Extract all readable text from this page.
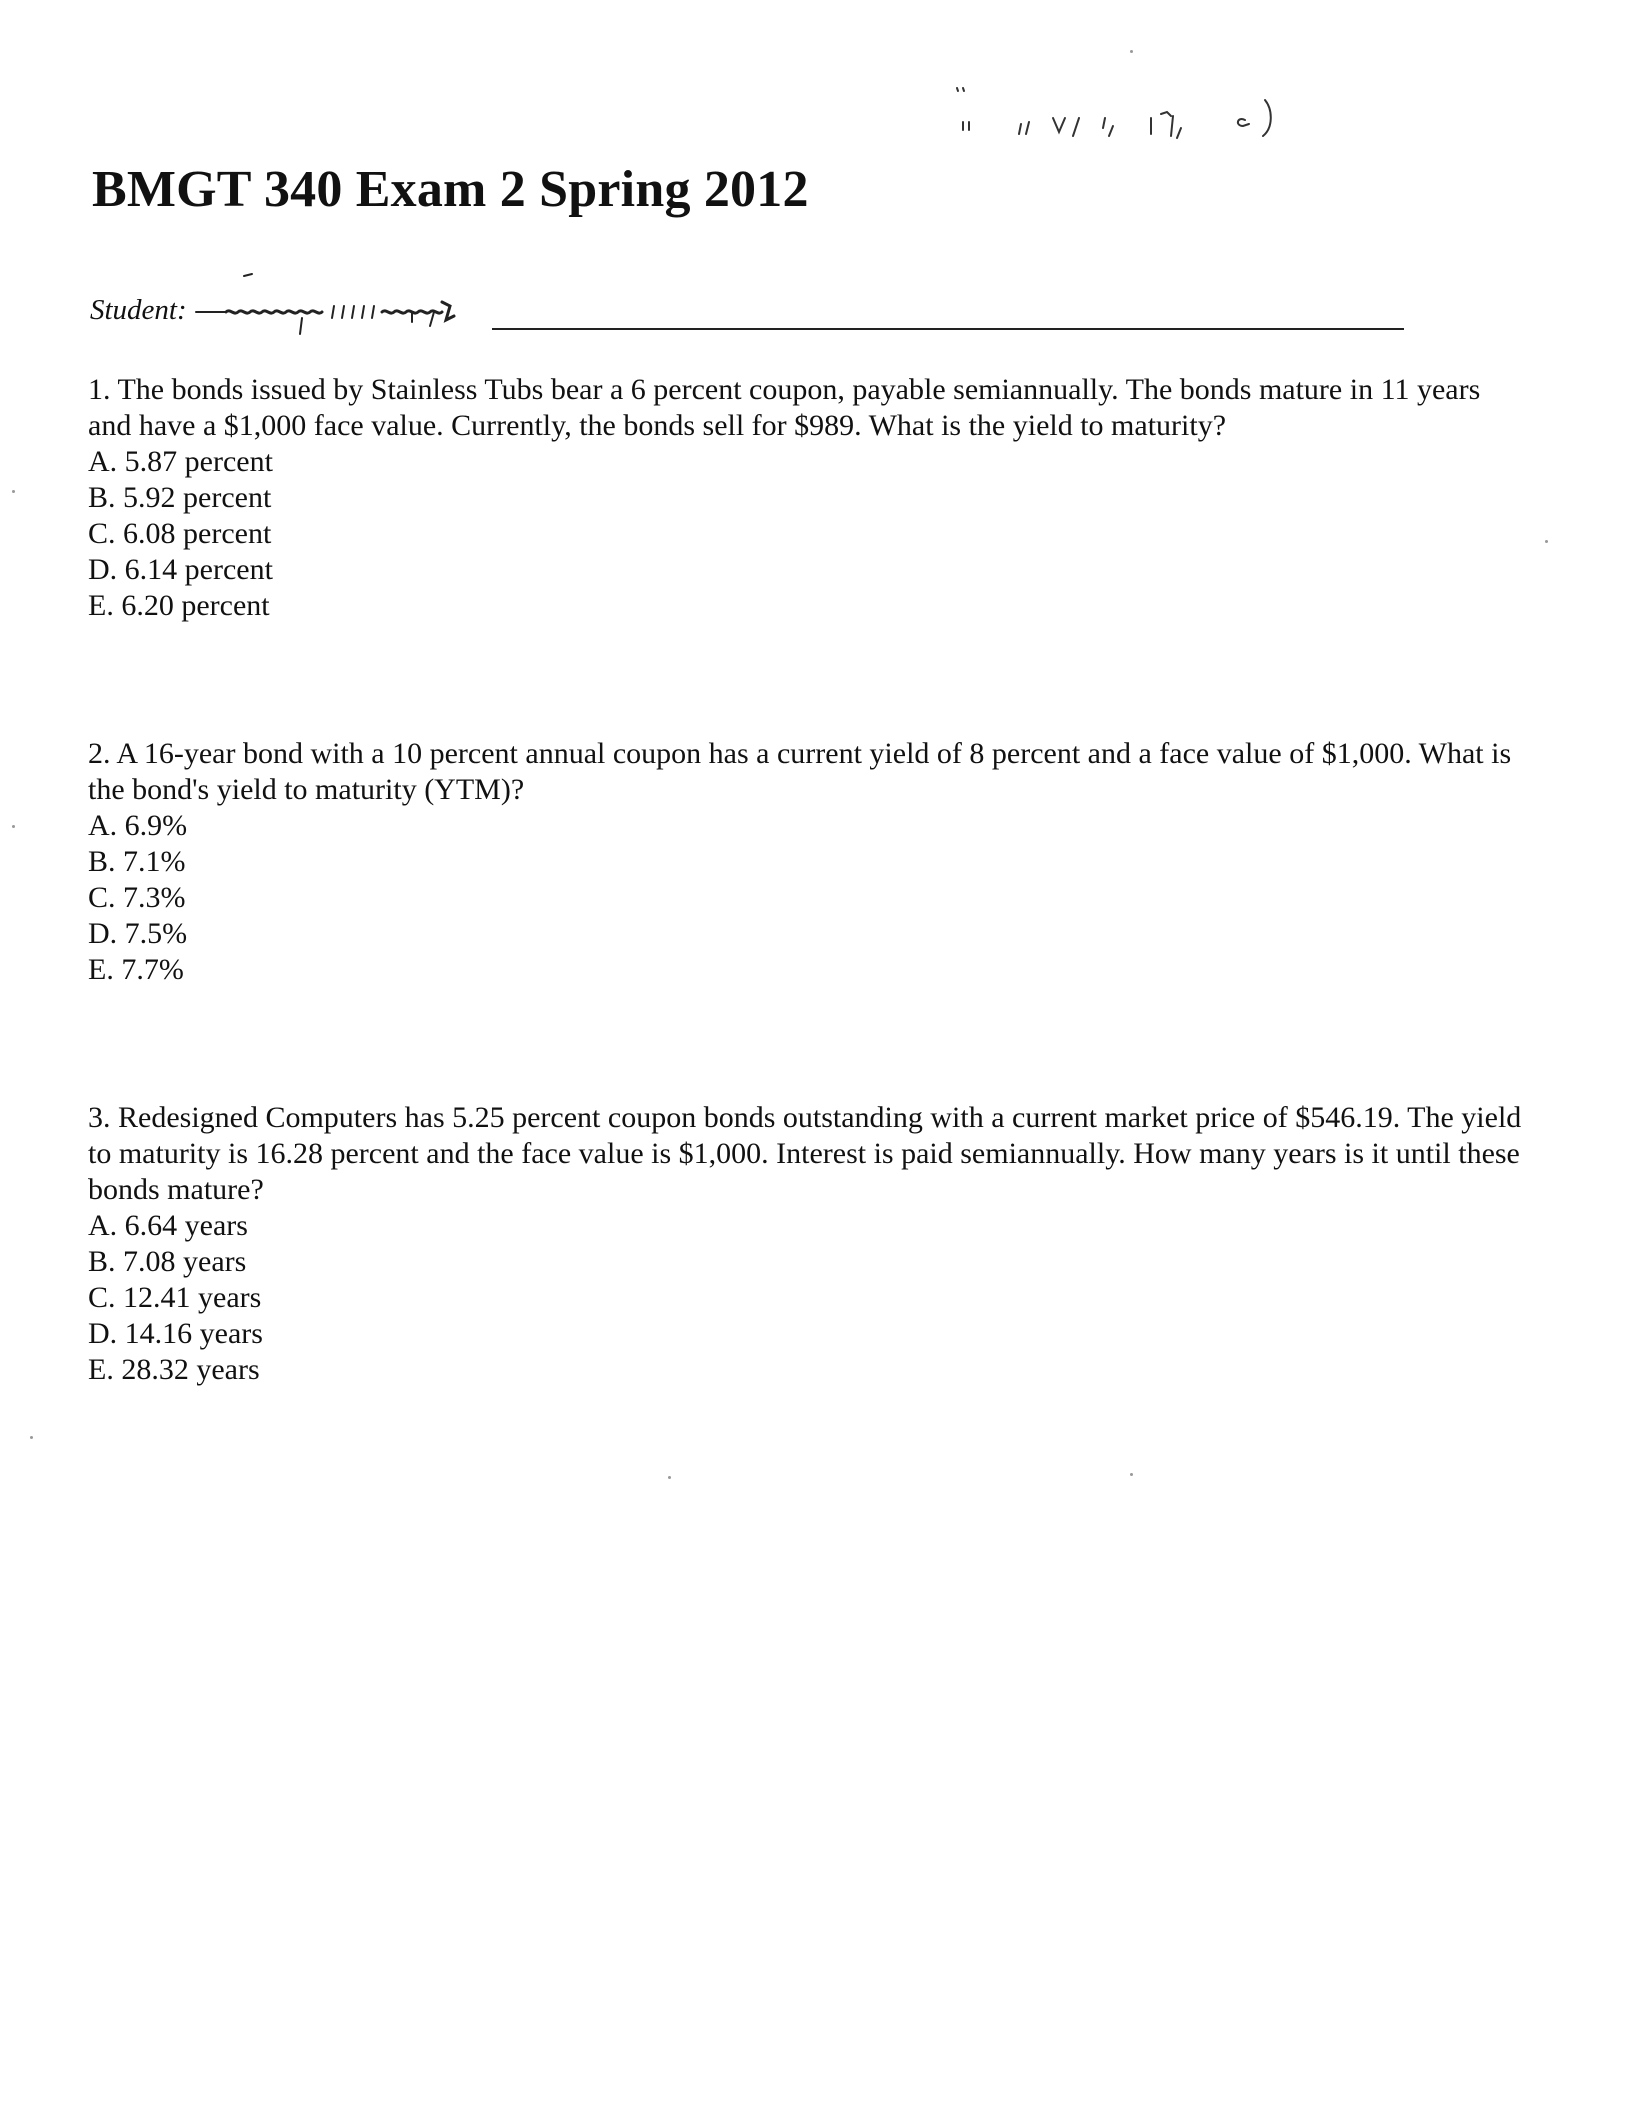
BMGT 340 Exam 2 Spring 2012
Student:

1. The bonds issued by Stainless Tubs bear a 6 percent coupon, payable semiannually. The bonds mature in 11 years and have a $1,000 face value. Currently, the bonds sell for $989. What is the yield to maturity?

A. 5.87 percent
B. 5.92 percent
C. 6.08 percent
D. 6.14 percent
E. 6.20 percent

2. A 16-year bond with a 10 percent annual coupon has a current yield of 8 percent and a face value of $1,000. What is the bond's yield to maturity (YTM)?

A. 6.9%
B. 7.1%
C. 7.3%
D. 7.5%
E. 7.7%

3. Redesigned Computers has 5.25 percent coupon bonds outstanding with a current market price of $546.19. The yield to maturity is 16.28 percent and the face value is $1,000. Interest is paid semiannually. How many years is it until these bonds mature?

A. 6.64 years
B. 7.08 years
C. 12.41 years
D. 14.16 years
E. 28.32 years
